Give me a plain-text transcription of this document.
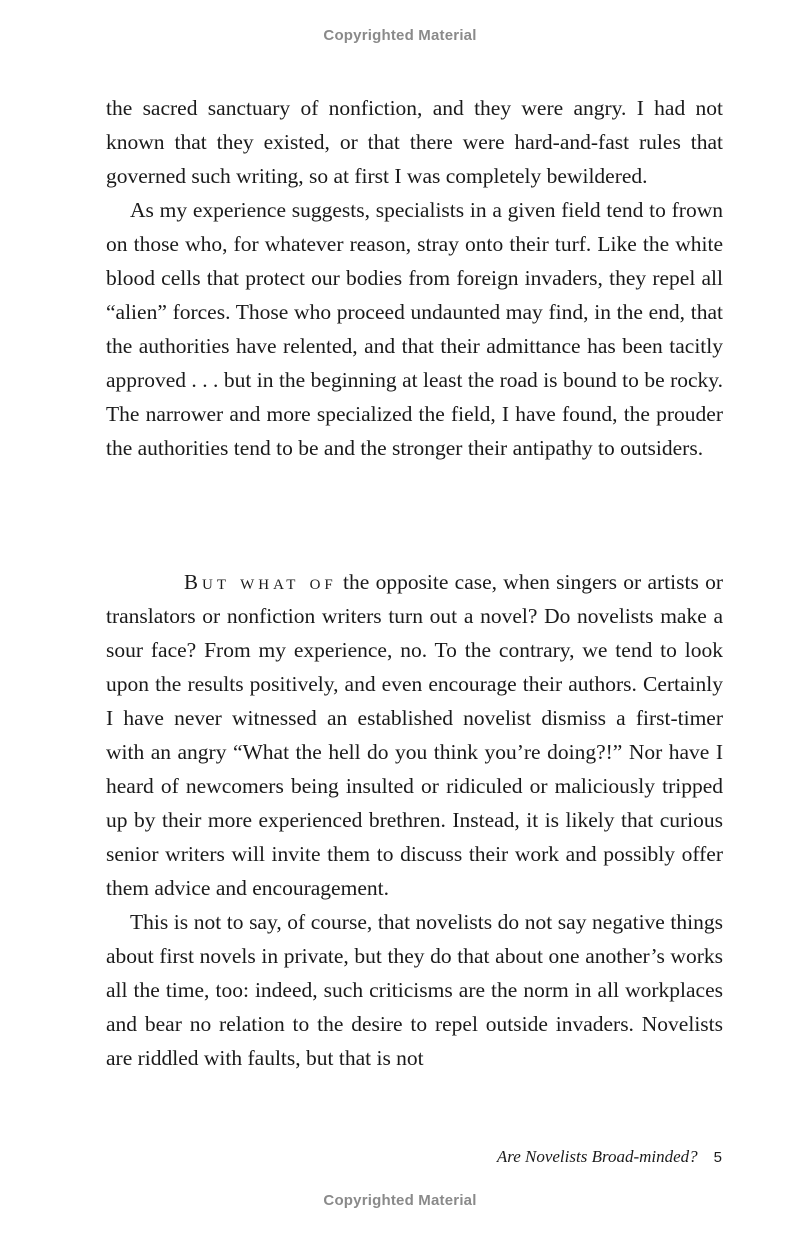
Copyrighted Material

the sacred sanctuary of nonfiction, and they were angry. I had not known that they existed, or that there were hard-and-fast rules that governed such writing, so at first I was completely bewildered.

As my experience suggests, specialists in a given field tend to frown on those who, for whatever reason, stray onto their turf. Like the white blood cells that protect our bodies from foreign invaders, they repel all “alien” forces. Those who proceed undaunted may find, in the end, that the authorities have relented, and that their admittance has been tacitly approved . . . but in the beginning at least the road is bound to be rocky. The narrower and more specialized the field, I have found, the prouder the authorities tend to be and the stronger their antipathy to outsiders.

But what of the opposite case, when singers or artists or translators or nonfiction writers turn out a novel? Do novelists make a sour face? From my experience, no. To the contrary, we tend to look upon the results positively, and even encourage their authors. Certainly I have never witnessed an established novelist dismiss a first-timer with an angry “What the hell do you think you’re doing?!” Nor have I heard of newcomers being insulted or ridiculed or maliciously tripped up by their more experienced brethren. Instead, it is likely that curious senior writers will invite them to discuss their work and possibly offer them advice and encouragement.

This is not to say, of course, that novelists do not say negative things about first novels in private, but they do that about one another’s works all the time, too: indeed, such criticisms are the norm in all workplaces and bear no relation to the desire to repel outside invaders. Novelists are riddled with faults, but that is not

Are Novelists Broad-minded? 5
Copyrighted Material
